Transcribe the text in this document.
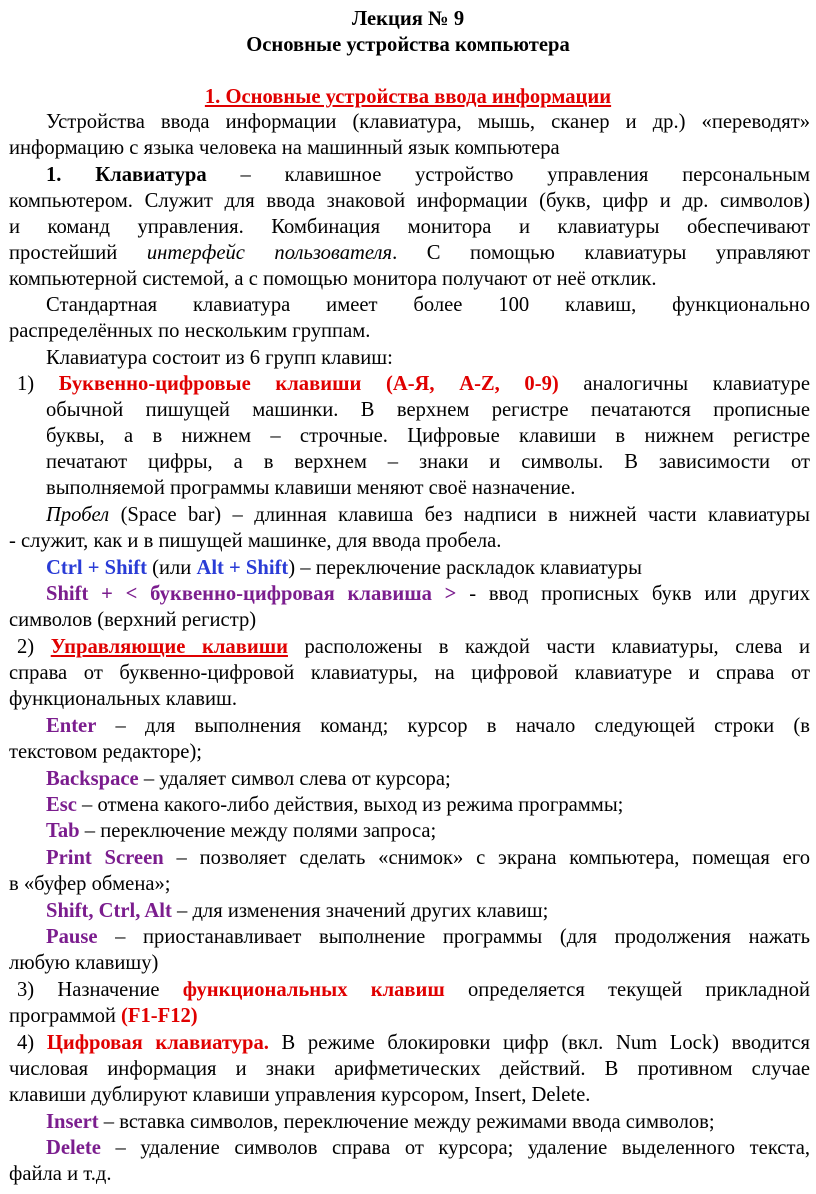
Лекция № 9
Основные устройства компьютера
1. Основные устройства ввода информации
Устройства ввода информации (клавиатура, мышь, сканер и др.) «переводят»
информацию с языка человека на машинный язык компьютера
1. Клавиатура – клавишное устройство управления персональным
компьютером. Служит для ввода знаковой информации (букв, цифр и др. символов)
и команд управления. Комбинация монитора и клавиатуры обеспечивают
простейший интерфейс пользователя. С помощью клавиатуры управляют
компьютерной системой, а с помощью монитора получают от неё отклик.
Стандартная клавиатура имеет более 100 клавиш, функционально
распределённых по нескольким группам.
Клавиатура состоит из 6 групп клавиш:
1) Буквенно-цифровые клавиши (А-Я, A-Z, 0-9) аналогичны клавиатуре
обычной пишущей машинки. В верхнем регистре печатаются прописные
буквы, а в нижнем – строчные. Цифровые клавиши в нижнем регистре
печатают цифры, а в верхнем – знаки и символы. В зависимости от
выполняемой программы клавиши меняют своё назначение.
Пробел (Space bar) – длинная клавиша без надписи в нижней части клавиатуры
- служит, как и в пишущей машинке, для ввода пробела.
Ctrl + Shift (или Alt + Shift) – переключение раскладок клавиатуры
Shift + < буквенно-цифровая клавиша > - ввод прописных букв или других
символов (верхний регистр)
2) Управляющие клавиши расположены в каждой части клавиатуры, слева и
справа от буквенно-цифровой клавиатуры, на цифровой клавиатуре и справа от
функциональных клавиш.
Enter – для выполнения команд; курсор в начало следующей строки (в
текстовом редакторе);
Backspace – удаляет символ слева от курсора;
Esc – отмена какого-либо действия, выход из режима программы;
Tab – переключение между полями запроса;
Print Screen – позволяет сделать «снимок» с экрана компьютера, помещая его
в «буфер обмена»;
Shift, Ctrl, Alt – для изменения значений других клавиш;
Pause – приостанавливает выполнение программы (для продолжения нажать
любую клавишу)
3) Назначение функциональных клавиш определяется текущей прикладной
программой (F1-F12)
4) Цифровая клавиатура. В режиме блокировки цифр (вкл. Num Lock) вводится
числовая информация и знаки арифметических действий. В противном случае
клавиши дублируют клавиши управления курсором, Insert, Delete.
Insert – вставка символов, переключение между режимами ввода символов;
Delete – удаление символов справа от курсора; удаление выделенного текста,
файла и т.д.
